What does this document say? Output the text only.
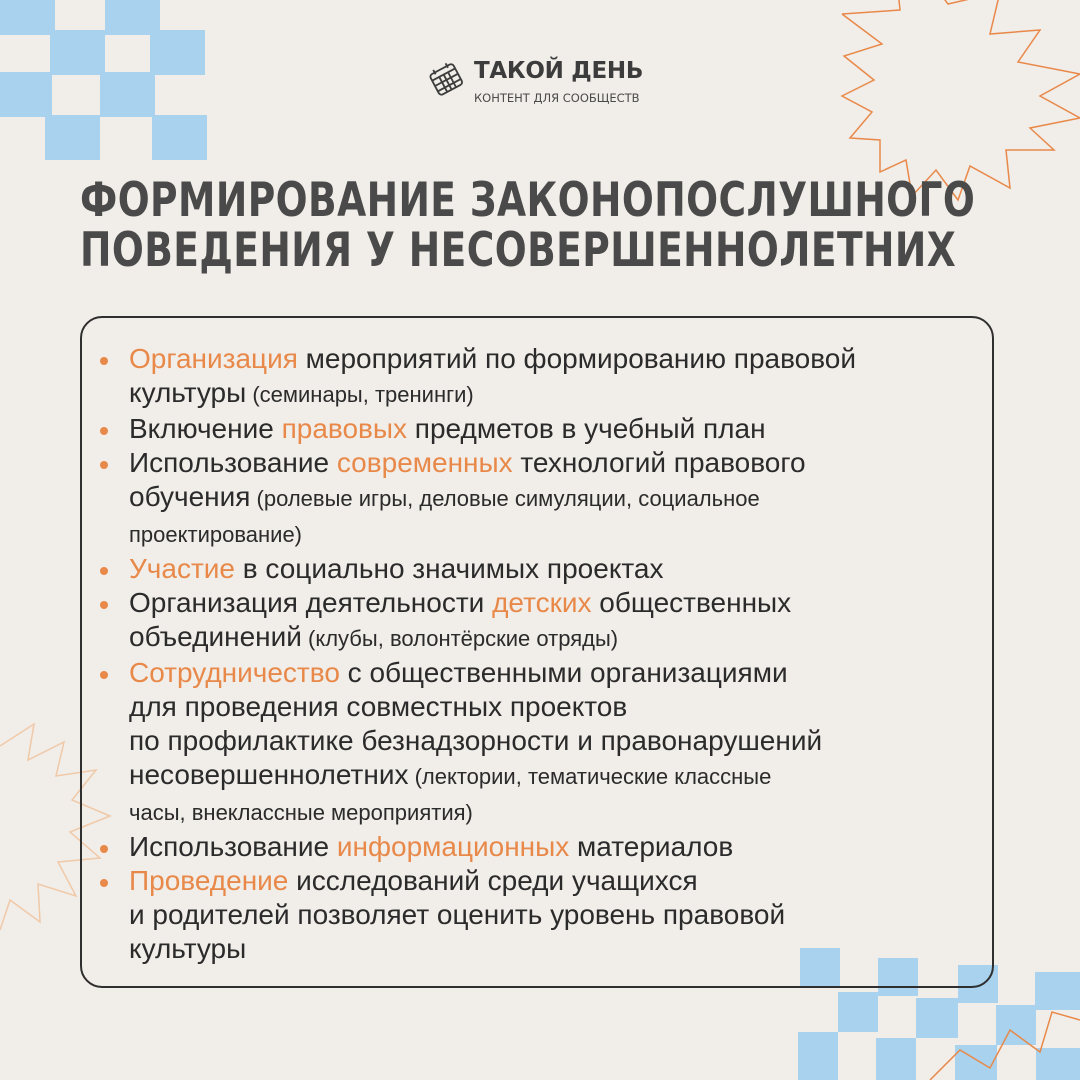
ТАКОЙ ДЕНЬ
КОНТЕНТ ДЛЯ СООБЩЕСТВ
ФОРМИРОВАНИЕ ЗАКОНОПОСЛУШНОГО
ПОВЕДЕНИЯ У НЕСОВЕРШЕННОЛЕТНИХ
Организация мероприятий по формированию правовой
культуры (семинары, тренинги)
Включение правовых предметов в учебный план
Использование современных технологий правового
обучения (ролевые игры, деловые симуляции, социальное
проектирование)
Участие в социально значимых проектах
Организация деятельности детских общественных
объединений (клубы, волонтёрские отряды)
Сотрудничество с общественными организациями
для проведения совместных проектов
по профилактике безнадзорности и правонарушений
несовершеннолетних (лектории, тематические классные
часы, внеклассные мероприятия)
Использование информационных материалов
Проведение исследований среди учащихся
и родителей позволяет оценить уровень правовой
культуры
